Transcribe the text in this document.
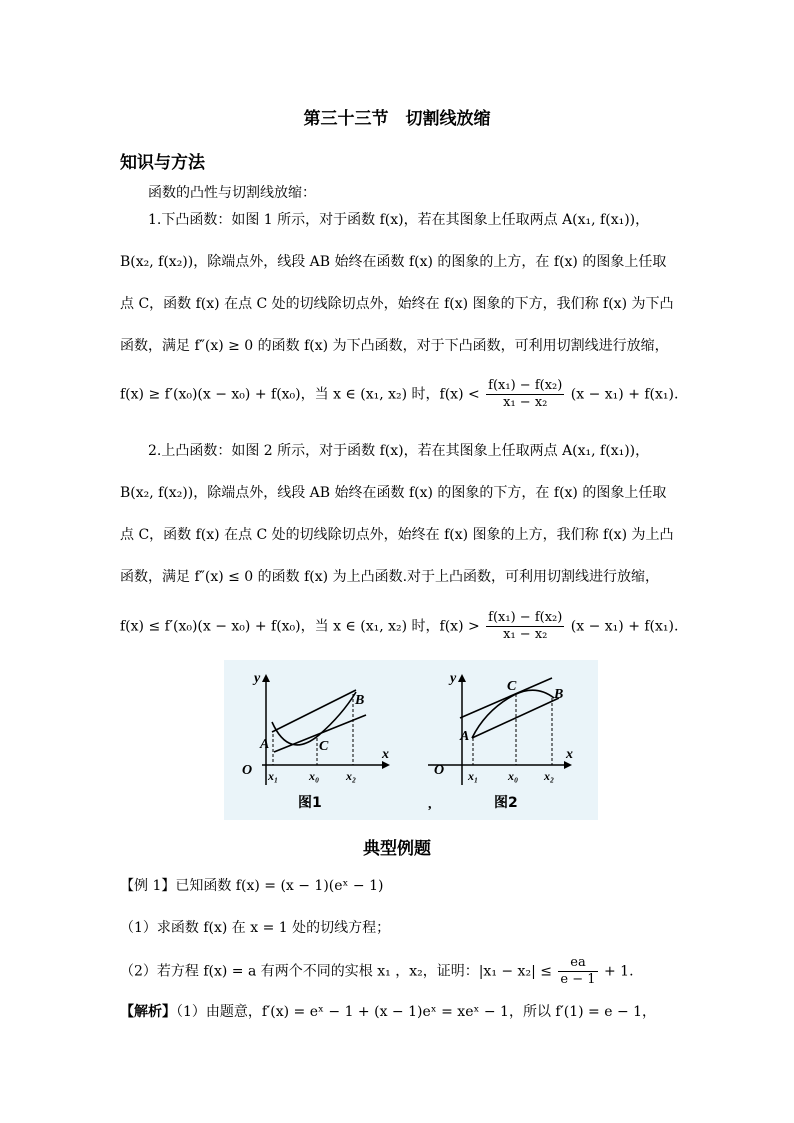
第三十三节　切割线放缩
知识与方法
函数的凸性与切割线放缩：
1.下凸函数：如图 1 所示，对于函数 f(x)，若在其图象上任取两点 A(x₁, f(x₁))，
B(x₂, f(x₂))，除端点外，线段 AB 始终在函数 f(x) 的图象的上方，在 f(x) 的图象上任取
点 C，函数 f(x) 在点 C 处的切线除切点外，始终在 f(x) 图象的下方，我们称 f(x) 为下凸
函数，满足 f″(x) ≥ 0 的函数 f(x) 为下凸函数，对于下凸函数，可利用切割线进行放缩，
f(x) ≥ f′(x₀)(x − x₀) + f(x₀)，当 x ∈ (x₁, x₂) 时，$f(x) < \frac{\text{f(x₁) − f(x₂)}}{\text{x₁ − x₂}} (x - x_1) + f(x_1)$.
2.上凸函数：如图 2 所示，对于函数 f(x)，若在其图象上任取两点 A(x₁, f(x₁))，
B(x₂, f(x₂))，除端点外，线段 AB 始终在函数 f(x) 的图象的下方，在 f(x) 的图象上任取
点 C，函数 f(x) 在点 C 处的切线除切点外，始终在 f(x) 图象的上方，我们称 f(x) 为上凸
函数，满足 f″(x) ≤ 0 的函数 f(x) 为上凸函数.对于上凸函数，可利用切割线进行放缩，
f(x) ≤ f′(x₀)(x − x₀) + f(x₀)，当 x ∈ (x₁, x₂) 时，$f(x) > \frac{\text{f(x₁) − f(x₂)}}{\text{x₁ − x₂}} (x - x_1) + f(x_1)$.
y
x
O
A
B
C
x₁	x₀ x₂
图1	,
y
x
O
A
B
C
x₁ x₀ x₂
图2
典型例题
【例 1】已知函数 f(x) = (x − 1)(eˣ − 1)
（1）求函数 f(x) 在 x = 1 处的切线方程；
（2）若方程 f(x) = a 有两个不同的实根 x₁ ，x₂，证明：$|x_1 - x_2| \le \frac{ea}{e - 1} + 1$.
【解析】（1）由题意，f′(x) = eˣ − 1 + (x − 1)eˣ = xeˣ − 1，所以 f′(1) = e − 1，
